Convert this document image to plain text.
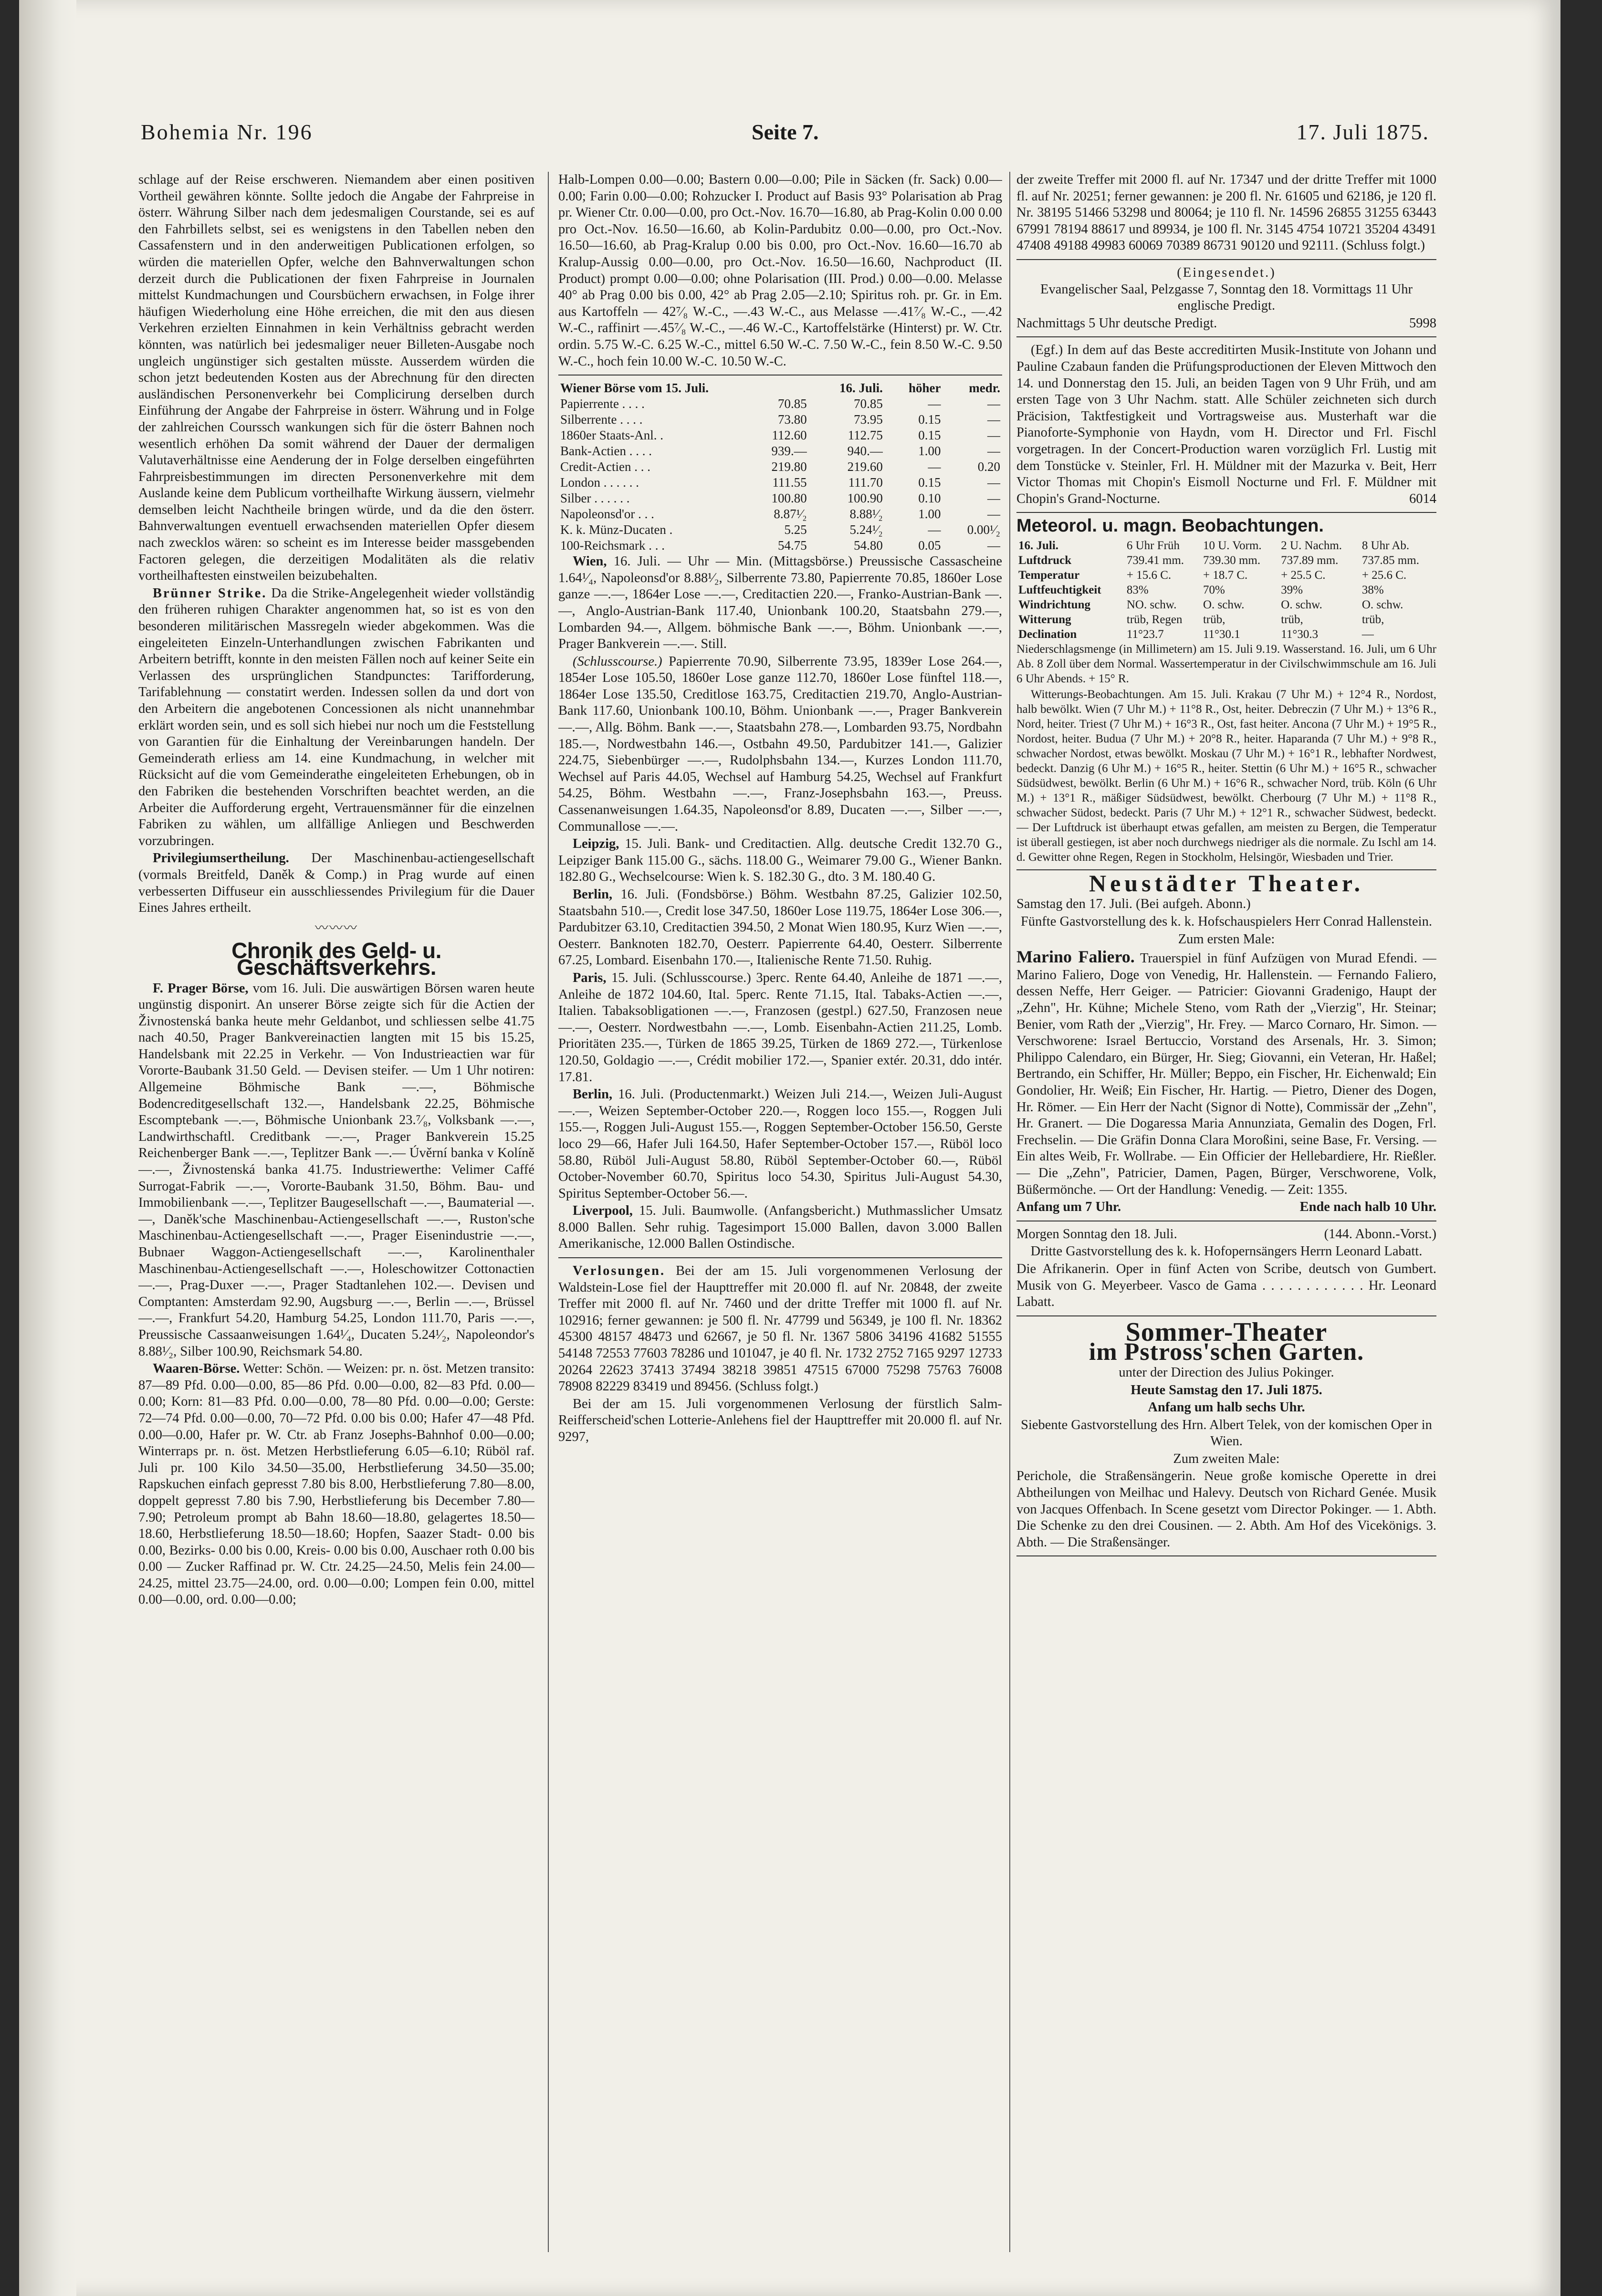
Bohemia Nr. 196	Seite 7.	17. Juli 1875.

schlage auf der Reise erschweren. Niemandem aber einen positiven Vortheil gewähren könnte. Sollte jedoch die Angabe der Fahrpreise in österr. Währung Silber nach dem jedesmaligen Courstande, sei es auf den Fahrbillets selbst, sei es wenigstens in den Tabellen neben den Cassafenstern und in den anderweitigen Publicationen erfolgen, so würden die materiellen Opfer, welche den Bahnverwaltungen schon derzeit durch die Publicationen der fixen Fahrpreise in Journalen mittelst Kundmachungen und Coursbüchern erwachsen, in Folge ihrer häufigen Wiederholung eine Höhe erreichen, die mit den aus diesen Verkehren erzielten Einnahmen in kein Verhältniss gebracht werden könnten, was natürlich bei jedesmaliger neuer Billeten-Ausgabe noch ungleich ungünstiger sich gestalten müsste. Ausserdem würden die schon jetzt bedeutenden Kosten aus der Abrechnung für den directen ausländischen Personenverkehr bei Complicirung derselben durch Einführung der Angabe der Fahrpreise in österr. Währung und in Folge der zahlreichen Courssch wankungen sich für die österr Bahnen noch wesentlich erhöhen Da somit während der Dauer der dermaligen Valutaverhältnisse eine Aenderung der in Folge derselben eingeführten Fahrpreisbestimmungen im directen Personenverkehre mit dem Auslande keine dem Publicum vortheilhafte Wirkung äussern, vielmehr demselben leicht Nachtheile bringen würde, und da die den österr. Bahnverwaltungen eventuell erwachsenden materiellen Opfer diesem nach zwecklos wären: so scheint es im Interesse beider massgebenden Factoren gelegen, die derzeitigen Modalitäten als die relativ vortheilhaftesten einstweilen beizubehalten.

Brünner Strike. Da die Strike-Angelegenheit wieder vollständig den früheren ruhigen Charakter angenommen hat, so ist es von den besonderen militärischen Massregeln wieder abgekommen. Was die eingeleiteten Einzeln-Unterhandlungen zwischen Fabrikanten und Arbeitern betrifft, konnte in den meisten Fällen noch auf keiner Seite ein Verlassen des ursprünglichen Standpunctes: Tarifforderung, Tarifablehnung — constatirt werden. Indessen sollen da und dort von den Arbeitern die angebotenen Concessionen als nicht unannehmbar erklärt worden sein, und es soll sich hiebei nur noch um die Feststellung von Garantien für die Einhaltung der Vereinbarungen handeln. Der Gemeinderath erliess am 14. eine Kundmachung, in welcher mit Rücksicht auf die vom Gemeinderathe eingeleiteten Erhebungen, ob in den Fabriken die bestehenden Vorschriften beachtet werden, an die Arbeiter die Aufforderung ergeht, Vertrauensmänner für die einzelnen Fabriken zu wählen, um allfällige Anliegen und Beschwerden vorzubringen.

Privilegiumsertheilung. Der Maschinenbau-actiengesellschaft (vormals Breitfeld, Daněk & Comp.) in Prag wurde auf einen verbesserten Diffuseur ein ausschliessendes Privilegium für die Dauer Eines Jahres ertheilt.

〰〰〰
Chronik des Geld- u. Geschäftsverkehrs.

F. Prager Börse, vom 16. Juli. Die auswärtigen Börsen waren heute ungünstig disponirt. An unserer Börse zeigte sich für die Actien der Živnostenská banka heute mehr Geldanbot, und schliessen selbe 41.75 nach 40.50, Prager Bankvereinactien langten mit 15 bis 15.25, Handelsbank mit 22.25 in Verkehr. — Von Industrieactien war für Vororte-Baubank 31.50 Geld. — Devisen steifer. — Um 1 Uhr notiren: Allgemeine Böhmische Bank —.—, Böhmische Bodencreditgesellschaft 132.—, Handelsbank 22.25, Böhmische Escomptebank —.—, Böhmische Unionbank 23.⁷⁄₈, Volksbank —.—, Landwirthschaftl. Creditbank —.—, Prager Bankverein 15.25 Reichenberger Bank —.—, Teplitzer Bank —.— Úvěrní banka v Kolíně —.—, Živnostenská banka 41.75. Industriewerthe: Velimer Caffé Surrogat-Fabrik —.—, Vororte-Baubank 31.50, Böhm. Bau- und Immobilienbank —.—, Teplitzer Baugesellschaft —.—, Baumaterial —.—, Daněk'sche Maschinenbau-Actiengesellschaft —.—, Ruston'sche Maschinenbau-Actiengesellschaft —.—, Prager Eisenindustrie —.—, Bubnaer Waggon-Actiengesellschaft —.—, Karolinenthaler Maschinenbau-Actiengesellschaft —.—, Holeschowitzer Cottonactien —.—, Prag-Duxer —.—, Prager Stadtanlehen 102.—. Devisen und Comptanten: Amsterdam 92.90, Augsburg —.—, Berlin —.—, Brüssel —.—, Frankfurt 54.20, Hamburg 54.25, London 111.70, Paris —.—, Preussische Cassaanweisungen 1.64¹⁄₄, Ducaten 5.24¹⁄₂, Napoleondor's 8.88¹⁄₂, Silber 100.90, Reichsmark 54.80.

Waaren-Börse. Wetter: Schön. — Weizen: pr. n. öst. Metzen transito: 87—89 Pfd. 0.00—0.00, 85—86 Pfd. 0.00—0.00, 82—83 Pfd. 0.00—0.00; Korn: 81—83 Pfd. 0.00—0.00, 78—80 Pfd. 0.00—0.00; Gerste: 72—74 Pfd. 0.00—0.00, 70—72 Pfd. 0.00 bis 0.00; Hafer 47—48 Pfd. 0.00—0.00, Hafer pr. W. Ctr. ab Franz Josephs-Bahnhof 0.00—0.00; Winterraps pr. n. öst. Metzen Herbstlieferung 6.05—6.10; Rüböl raf. Juli pr. 100 Kilo 34.50—35.00, Herbstlieferung 34.50—35.00; Rapskuchen einfach gepresst 7.80 bis 8.00, Herbstlieferung 7.80—8.00, doppelt gepresst 7.80 bis 7.90, Herbstlieferung bis December 7.80—7.90; Petroleum prompt ab Bahn 18.60—18.80, gelagertes 18.50—18.60, Herbstlieferung 18.50—18.60; Hopfen, Saazer Stadt- 0.00 bis 0.00, Bezirks- 0.00 bis 0.00, Kreis- 0.00 bis 0.00, Auschaer roth 0.00 bis 0.00 — Zucker Raffinad pr. W. Ctr. 24.25—24.50, Melis fein 24.00—24.25, mittel 23.75—24.00, ord. 0.00—0.00; Lompen fein 0.00, mittel 0.00—0.00, ord. 0.00—0.00;

Halb-Lompen 0.00—0.00; Bastern 0.00—0.00; Pile in Säcken (fr. Sack) 0.00—0.00; Farin 0.00—0.00; Rohzucker I. Product auf Basis 93° Polarisation ab Prag pr. Wiener Ctr. 0.00—0.00, pro Oct.-Nov. 16.70—16.80, ab Prag-Kolin 0.00 0.00 pro Oct.-Nov. 16.50—16.60, ab Kolin-Pardubitz 0.00—0.00, pro Oct.-Nov. 16.50—16.60, ab Prag-Kralup 0.00 bis 0.00, pro Oct.-Nov. 16.60—16.70 ab Kralup-Aussig 0.00—0.00, pro Oct.-Nov. 16.50—16.60, Nachproduct (II. Product) prompt 0.00—0.00; ohne Polarisation (III. Prod.) 0.00—0.00. Melasse 40° ab Prag 0.00 bis 0.00, 42° ab Prag 2.05—2.10; Spiritus roh. pr. Gr. in Em. aus Kartoffeln — 42⁷⁄₈ W.-C., —.43 W.-C., aus Melasse —.41⁷⁄₈ W.-C., —.42 W.-C., raffinirt —.45⁷⁄₈ W.-C., —.46 W.-C., Kartoffelstärke (Hinterst) pr. W. Ctr. ordin. 5.75 W.-C. 6.25 W.-C., mittel 6.50 W.-C. 7.50 W.-C., fein 8.50 W.-C. 9.50 W.-C., hoch fein 10.00 W.-C. 10.50 W.-C.

Wiener Börse vom 15. Juli.		16. Juli.	höher	medr.
Papierrente . . . .	70.85	70.85	—	—
Silberrente . . . .	73.80	73.95	0.15	—
1860er Staats-Anl. .	112.60	112.75	0.15	—
Bank-Actien . . . .	939.—	940.—	1.00	—
Credit-Actien . . .	219.80	219.60	—	0.20
London . . . . . .	111.55	111.70	0.15	—
Silber . . . . . .	100.80	100.90	0.10	—
Napoleonsd'or . . .	8.87¹⁄₂	8.88¹⁄₂	1.00	—
K. k. Münz-Ducaten .	5.25	5.24¹⁄₂	—	0.00¹⁄₂
100-Reichsmark . . .	54.75	54.80	0.05	—

Wien, 16. Juli. — Uhr — Min. (Mittagsbörse.) Preussische Cassascheine 1.64¹⁄₄, Napoleonsd'or 8.88¹⁄₂, Silberrente 73.80, Papierrente 70.85, 1860er Lose ganze —.—, 1864er Lose —.—, Creditactien 220.—, Franko-Austrian-Bank —.—, Anglo-Austrian-Bank 117.40, Unionbank 100.20, Staatsbahn 279.—, Lombarden 94.—, Allgem. böhmische Bank —.—, Böhm. Unionbank —.—, Prager Bankverein —.—. Still.

(Schlusscourse.) Papierrente 70.90, Silberrente 73.95, 1839er Lose 264.—, 1854er Lose 105.50, 1860er Lose ganze 112.70, 1860er Lose fünftel 118.—, 1864er Lose 135.50, Creditlose 163.75, Creditactien 219.70, Anglo-Austrian-Bank 117.60, Unionbank 100.10, Böhm. Unionbank —.—, Prager Bankverein —.—, Allg. Böhm. Bank —.—, Staatsbahn 278.—, Lombarden 93.75, Nordbahn 185.—, Nordwestbahn 146.—, Ostbahn 49.50, Pardubitzer 141.—, Galizier 224.75, Siebenbürger —.—, Rudolphsbahn 134.—, Kurzes London 111.70, Wechsel auf Paris 44.05, Wechsel auf Hamburg 54.25, Wechsel auf Frankfurt 54.25, Böhm. Westbahn —.—, Franz-Josephsbahn 163.—, Preuss. Cassenanweisungen 1.64.35, Napoleonsd'or 8.89, Ducaten —.—, Silber —.—, Communallose —.—.

Leipzig, 15. Juli. Bank- und Creditactien. Allg. deutsche Credit 132.70 G., Leipziger Bank 115.00 G., sächs. 118.00 G., Weimarer 79.00 G., Wiener Bankn. 182.80 G., Wechselcourse: Wien k. S. 182.30 G., dto. 3 M. 180.40 G.

Berlin, 16. Juli. (Fondsbörse.) Böhm. Westbahn 87.25, Galizier 102.50, Staatsbahn 510.—, Credit lose 347.50, 1860er Lose 119.75, 1864er Lose 306.—, Pardubitzer 63.10, Creditactien 394.50, 2 Monat Wien 180.95, Kurz Wien —.—, Oesterr. Banknoten 182.70, Oesterr. Papierrente 64.40, Oesterr. Silberrente 67.25, Lombard. Eisenbahn 170.—, Italienische Rente 71.50. Ruhig.

Paris, 15. Juli. (Schlusscourse.) 3perc. Rente 64.40, Anleihe de 1871 —.—, Anleihe de 1872 104.60, Ital. 5perc. Rente 71.15, Ital. Tabaks-Actien —.—, Italien. Tabaksobligationen —.—, Franzosen (gestpl.) 627.50, Franzosen neue —.—, Oesterr. Nordwestbahn —.—, Lomb. Eisenbahn-Actien 211.25, Lomb. Prioritäten 235.—, Türken de 1865 39.25, Türken de 1869 272.—, Türkenlose 120.50, Goldagio —.—, Crédit mobilier 172.—, Spanier extér. 20.31, ddo intér. 17.81.

Berlin, 16. Juli. (Productenmarkt.) Weizen Juli 214.—, Weizen Juli-August —.—, Weizen September-October 220.—, Roggen loco 155.—, Roggen Juli 155.—, Roggen Juli-August 155.—, Roggen September-October 156.50, Gerste loco 29—66, Hafer Juli 164.50, Hafer September-October 157.—, Rüböl loco 58.80, Rüböl Juli-August 58.80, Rüböl September-October 60.—, Rüböl October-November 60.70, Spiritus loco 54.30, Spiritus Juli-August 54.30, Spiritus September-October 56.—.

Liverpool, 15. Juli. Baumwolle. (Anfangsbericht.) Muthmasslicher Umsatz 8.000 Ballen. Sehr ruhig. Tagesimport 15.000 Ballen, davon 3.000 Ballen Amerikanische, 12.000 Ballen Ostindische.

Verlosungen. Bei der am 15. Juli vorgenommenen Verlosung der Waldstein-Lose fiel der Haupttreffer mit 20.000 fl. auf Nr. 20848, der zweite Treffer mit 2000 fl. auf Nr. 7460 und der dritte Treffer mit 1000 fl. auf Nr. 102916; ferner gewannen: je 500 fl. Nr. 47799 und 56349, je 100 fl. Nr. 18362 45300 48157 48473 und 62667, je 50 fl. Nr. 1367 5806 34196 41682 51555 54148 72553 77603 78286 und 101047, je 40 fl. Nr. 1732 2752 7165 9297 12733 20264 22623 37413 37494 38218 39851 47515 67000 75298 75763 76008 78908 82229 83419 und 89456. (Schluss folgt.)

Bei der am 15. Juli vorgenommenen Verlosung der fürstlich Salm-Reifferscheid'schen Lotterie-Anlehens fiel der Haupttreffer mit 20.000 fl. auf Nr. 9297,

der zweite Treffer mit 2000 fl. auf Nr. 17347 und der dritte Treffer mit 1000 fl. auf Nr. 20251; ferner gewannen: je 200 fl. Nr. 61605 und 62186, je 120 fl. Nr. 38195 51466 53298 und 80064; je 110 fl. Nr. 14596 26855 31255 63443 67991 78194 88617 und 89934, je 100 fl. Nr. 3145 4754 10721 35204 43491 47408 49188 49983 60069 70389 86731 90120 und 92111. (Schluss folgt.)

(Eingesendet.)

Evangelischer Saal, Pelzgasse 7, Sonntag den 18. Vormittags 11 Uhr englische Predigt.

Nachmittags 5 Uhr deutsche Predigt.	5998

(Egf.) In dem auf das Beste accreditirten Musik-Institute von Johann und Pauline Czabaun fanden die Prüfungsproductionen der Eleven Mittwoch den 14. und Donnerstag den 15. Juli, an beiden Tagen von 9 Uhr Früh, und am ersten Tage von 3 Uhr Nachm. statt. Alle Schüler zeichneten sich durch Präcision, Taktfestigkeit und Vortragsweise aus. Musterhaft war die Pianoforte-Symphonie von Haydn, vom H. Director und Frl. Fischl vorgetragen. In der Concert-Production waren vorzüglich Frl. Lustig mit dem Tonstücke v. Steinler, Frl. H. Müldner mit der Mazurka v. Beit, Herr Victor Thomas mit Chopin's Eismoll Nocturne und Frl. F. Müldner mit Chopin's Grand-Nocturne.	6014

Meteorol. u. magn. Beobachtungen.
16. Juli.	6 Uhr Früh	10 U. Vorm.	2 U. Nachm.	8 Uhr Ab.
Luftdruck	739.41 mm.	739.30 mm.	737.89 mm.	737.85 mm.
Temperatur	+ 15.6 C.	+ 18.7 C.	+ 25.5 C.	+ 25.6 C.
Luftfeuchtigkeit	83%	70%	39%	38%
Windrichtung	NO. schw.	O. schw.	O. schw.	O. schw.
Witterung	trüb, Regen	trüb,	trüb,	trüb,
Declination	11°23.7	11°30.1	11°30.3	—

Niederschlagsmenge (in Millimetern) am 15. Juli 9.19. Wasserstand. 16. Juli, um 6 Uhr Ab. 8 Zoll über dem Normal. Wassertemperatur in der Civilschwimmschule am 16. Juli 6 Uhr Abends. + 15° R.

Witterungs-Beobachtungen. Am 15. Juli. Krakau (7 Uhr M.) + 12°4 R., Nordost, halb bewölkt. Wien (7 Uhr M.) + 11°8 R., Ost, heiter. Debreczin (7 Uhr M.) + 13°6 R., Nord, heiter. Triest (7 Uhr M.) + 16°3 R., Ost, fast heiter. Ancona (7 Uhr M.) + 19°5 R., Nordost, heiter. Budua (7 Uhr M.) + 20°8 R., heiter. Haparanda (7 Uhr M.) + 9°8 R., schwacher Nordost, etwas bewölkt. Moskau (7 Uhr M.) + 16°1 R., lebhafter Nordwest, bedeckt. Danzig (6 Uhr M.) + 16°5 R., heiter. Stettin (6 Uhr M.) + 16°5 R., schwacher Südsüdwest, bewölkt. Berlin (6 Uhr M.) + 16°6 R., schwacher Nord, trüb. Köln (6 Uhr M.) + 13°1 R., mäßiger Südsüdwest, bewölkt. Cherbourg (7 Uhr M.) + 11°8 R., schwacher Südost, bedeckt. Paris (7 Uhr M.) + 12°1 R., schwacher Südwest, bedeckt. — Der Luftdruck ist überhaupt etwas gefallen, am meisten zu Bergen, die Temperatur ist überall gestiegen, ist aber noch durchwegs niedriger als die normale. Zu Ischl am 14. d. Gewitter ohne Regen, Regen in Stockholm, Helsingör, Wiesbaden und Trier.

Neustädter Theater.

Samstag den 17. Juli. (Bei aufgeh. Abonn.)

Fünfte Gastvorstellung des k. k. Hofschauspielers Herr Conrad Hallenstein.

Zum ersten Male:

Marino Faliero. Trauerspiel in fünf Aufzügen von Murad Efendi. — Marino Faliero, Doge von Venedig, Hr. Hallenstein. — Fernando Faliero, dessen Neffe, Herr Geiger. — Patricier: Giovanni Gradenigo, Haupt der „Zehn", Hr. Kühne; Michele Steno, vom Rath der „Vierzig", Hr. Steinar; Benier, vom Rath der „Vierzig", Hr. Frey. — Marco Cornaro, Hr. Simon. — Verschworene: Israel Bertuccio, Vorstand des Arsenals, Hr. 3. Simon; Philippo Calendaro, ein Bürger, Hr. Sieg; Giovanni, ein Veteran, Hr. Haßel; Bertrando, ein Schiffer, Hr. Müller; Beppo, ein Fischer, Hr. Eichenwald; Ein Gondolier, Hr. Weiß; Ein Fischer, Hr. Hartig. — Pietro, Diener des Dogen, Hr. Römer. — Ein Herr der Nacht (Signor di Notte), Commissär der „Zehn", Hr. Granert. — Die Dogaressa Maria Annunziata, Gemalin des Dogen, Frl. Frechselin. — Die Gräfin Donna Clara Moroßini, seine Base, Fr. Versing. — Ein altes Weib, Fr. Wollrabe. — Ein Officier der Hellebardiere, Hr. Rießler. — Die „Zehn", Patricier, Damen, Pagen, Bürger, Verschworene, Volk, Büßermönche. — Ort der Handlung: Venedig. — Zeit: 1355.

Anfang um 7 Uhr.	Ende nach halb 10 Uhr.

Morgen Sonntag den 18. Juli.	(144. Abonn.-Vorst.)

Dritte Gastvorstellung des k. k. Hofopernsängers Herrn Leonard Labatt.

Die Afrikanerin. Oper in fünf Acten von Scribe, deutsch von Gumbert. Musik von G. Meyerbeer. Vasco de Gama . . . . . . . . . . . . Hr. Leonard Labatt.

Sommer-Theater
im Pstross'schen Garten.

unter der Direction des Julius Pokinger.

Heute Samstag den 17. Juli 1875.

Anfang um halb sechs Uhr.

Siebente Gastvorstellung des Hrn. Albert Telek, von der komischen Oper in Wien.

Zum zweiten Male:

Perichole, die Straßensängerin. Neue große komische Operette in drei Abtheilungen von Meilhac und Halevy. Deutsch von Richard Genée. Musik von Jacques Offenbach. In Scene gesetzt vom Director Pokinger. — 1. Abth. Die Schenke zu den drei Cousinen. — 2. Abth. Am Hof des Vicekönigs. 3. Abth. — Die Straßensänger.
